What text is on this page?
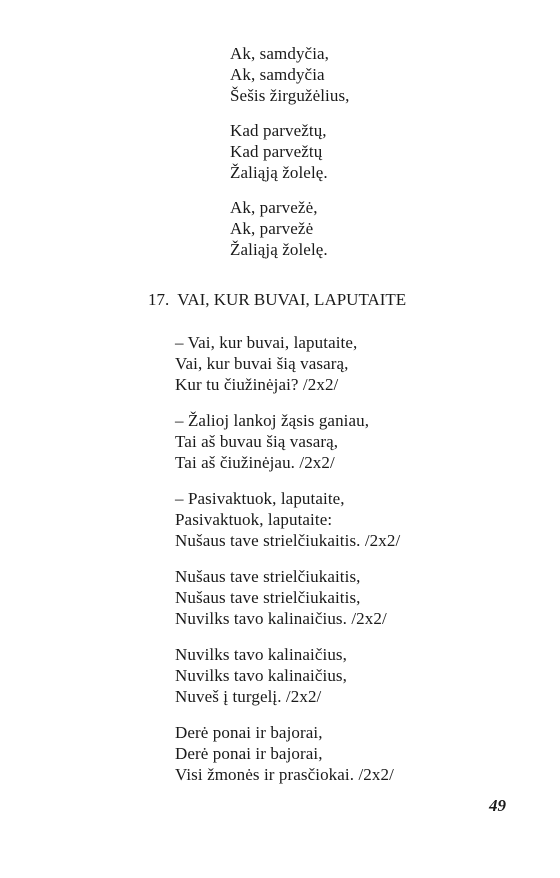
Ak, samdyčia,
Ak, samdyčia
Šešis žirgužėlius,
Kad parvežtų,
Kad parvežtų
Žaliąją žolelę.
Ak, parvežė,
Ak, parvežė
Žaliąją žolelę.
17. VAI, KUR BUVAI, LAPUTAITE
– Vai, kur buvai, laputaite,
Vai, kur buvai šią vasarą,
Kur tu čiužinėjai? /2x2/
– Žalioj lankoj žąsis ganiau,
Tai aš buvau šią vasarą,
Tai aš čiužinėjau. /2x2/
– Pasivaktuok, laputaite,
Pasivaktuok, laputaite:
Nušaus tave strielčiukaitis. /2x2/
Nušaus tave strielčiukaitis,
Nušaus tave strielčiukaitis,
Nuvilks tavo kalinaičius. /2x2/
Nuvilks tavo kalinaičius,
Nuvilks tavo kalinaičius,
Nuveš į turgelį. /2x2/
Derė ponai ir bajorai,
Derė ponai ir bajorai,
Visi žmonės ir prasčiokai. /2x2/
49
